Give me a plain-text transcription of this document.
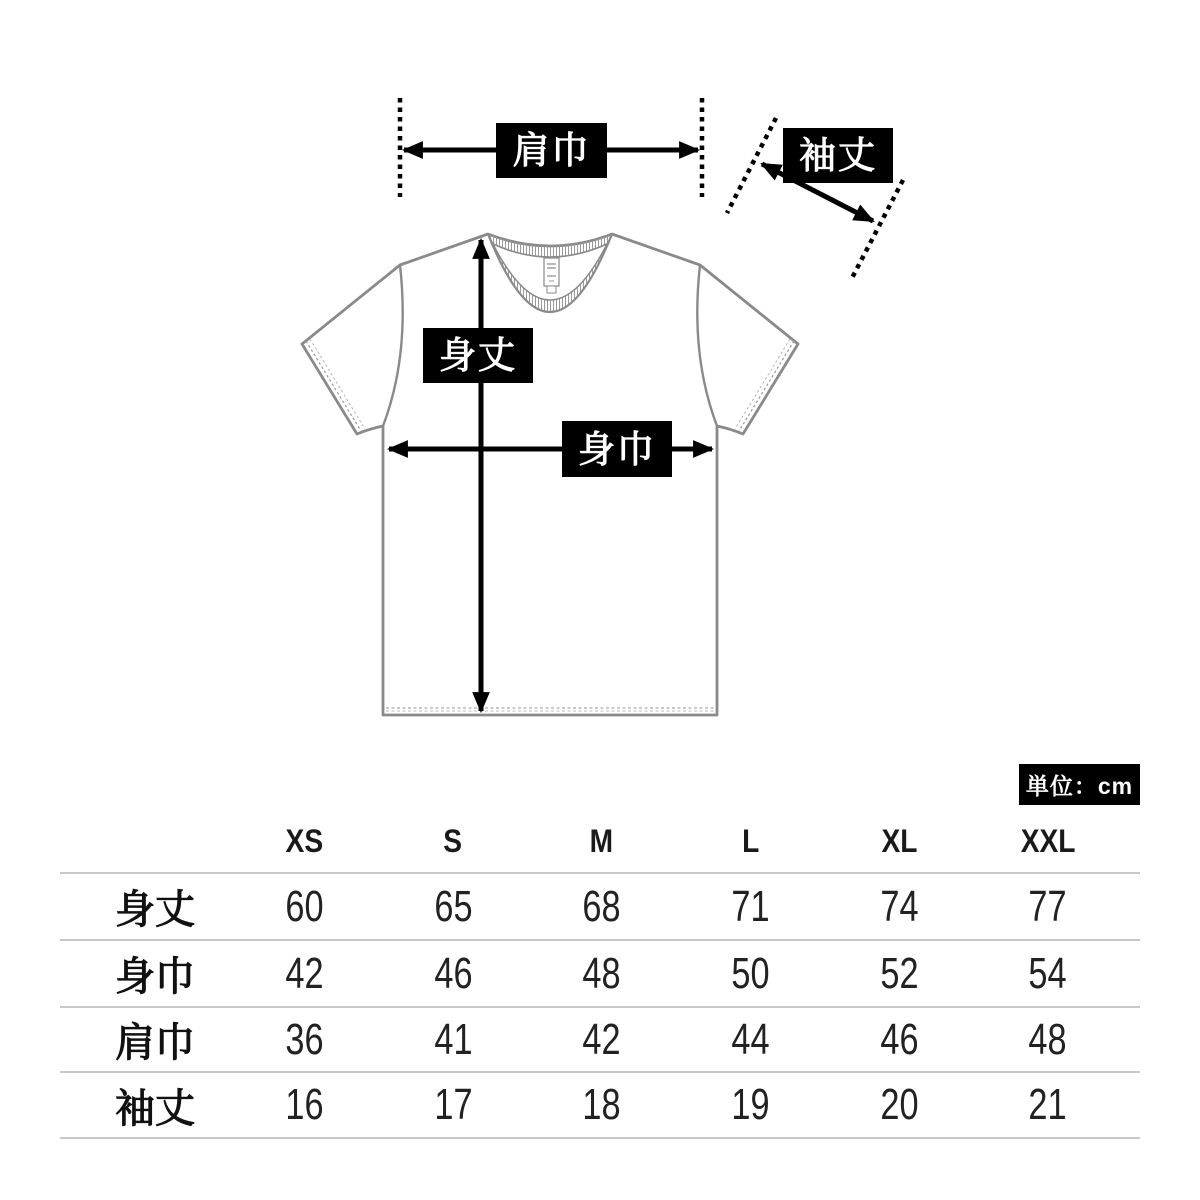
肩巾	袖丈
身丈
身巾
単位：cm
XS	S	M	L	XL	XXL
身丈	60	65	68	71	74	77
身巾	42	46	48	50	52	54
肩巾	36	41	42	44	46	48
袖丈	16	17	18	19	20	21
